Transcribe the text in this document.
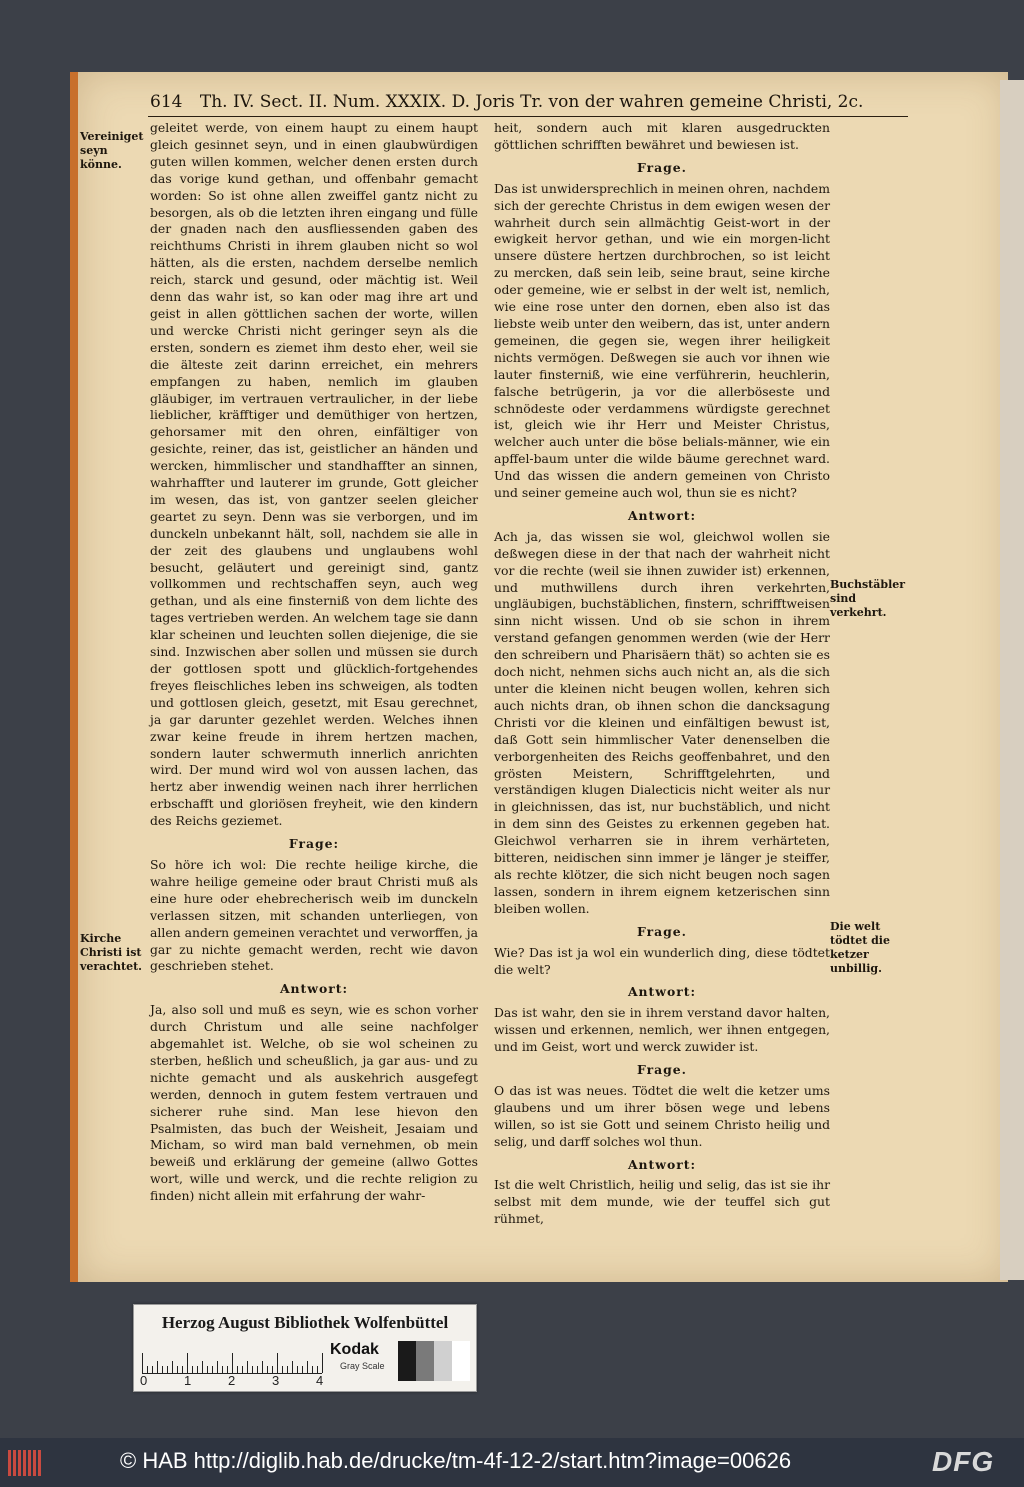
614 Th. IV. Sect. II. Num. XXXIX. D. Joris Tr. von der wahren gemeine Christi, 2c.
Vereiniget seyn könne.
Kirche Christi ist verachtet.
Buchstäbler sind verkehrt.
Die welt tödtet die ketzer unbillig.

geleitet werde, von einem haupt zu einem haupt gleich gesinnet seyn, und in einen glaubwürdigen guten willen kommen, welcher denen ersten durch das vorige kund gethan, und offenbahr gemacht worden: So ist ohne allen zweiffel gantz nicht zu besorgen, als ob die letzten ihren eingang und fülle der gnaden nach den ausfliessenden gaben des reichthums Christi in ihrem glauben nicht so wol hätten, als die ersten, nachdem derselbe nemlich reich, starck und gesund, oder mächtig ist. Weil denn das wahr ist, so kan oder mag ihre art und geist in allen göttlichen sachen der worte, willen und wercke Christi nicht geringer seyn als die ersten, sondern es ziemet ihm desto eher, weil sie die älteste zeit darinn erreichet, ein mehrers empfangen zu haben, nemlich im glauben gläubiger, im vertrauen vertraulicher, in der liebe lieblicher, kräfftiger und demüthiger von hertzen, gehorsamer mit den ohren, einfältiger von gesichte, reiner, das ist, geistlicher an händen und wercken, himmlischer und standhaffter an sinnen, wahrhaffter und lauterer im grunde, Gott gleicher im wesen, das ist, von gantzer seelen gleicher geartet zu seyn. Denn was sie verborgen, und im dunckeln unbekannt hält, soll, nachdem sie alle in der zeit des glaubens und unglaubens wohl besucht, geläutert und gereinigt sind, gantz vollkommen und rechtschaffen seyn, auch weg gethan, und als eine finsterniß von dem lichte des tages vertrieben werden. An welchem tage sie dann klar scheinen und leuchten sollen diejenige, die sie sind. Inzwischen aber sollen und müssen sie durch der gottlosen spott und glücklich-fortgehendes freyes fleischliches leben ins schweigen, als todten und gottlosen gleich, gesetzt, mit Esau gerechnet, ja gar darunter gezehlet werden. Welches ihnen zwar keine freude in ihrem hertzen machen, sondern lauter schwermuth innerlich anrichten wird. Der mund wird wol von aussen lachen, das hertz aber inwendig weinen nach ihrer herrlichen erbschafft und gloriösen freyheit, wie den kindern des Reichs geziemet.

Frage:

So höre ich wol: Die rechte heilige kirche, die wahre heilige gemeine oder braut Christi muß als eine hure oder ehebrecherisch weib im dunckeln verlassen sitzen, mit schanden unterliegen, von allen andern gemeinen verachtet und verworffen, ja gar zu nichte gemacht werden, recht wie davon geschrieben stehet.

Antwort:

Ja, also soll und muß es seyn, wie es schon vorher durch Christum und alle seine nachfolger abgemahlet ist. Welche, ob sie wol scheinen zu sterben, heßlich und scheußlich, ja gar aus- und zu nichte gemacht und als auskehrich ausgefegt werden, dennoch in gutem festem vertrauen und sicherer ruhe sind. Man lese hievon den Psalmisten, das buch der Weisheit, Jesaiam und Micham, so wird man bald vernehmen, ob mein beweiß und erklärung der gemeine (allwo Gottes wort, wille und werck, und die rechte religion zu finden) nicht allein mit erfahrung der wahr-

heit, sondern auch mit klaren ausgedruckten göttlichen schrifften bewähret und bewiesen ist.

Frage.

Das ist unwidersprechlich in meinen ohren, nachdem sich der gerechte Christus in dem ewigen wesen der wahrheit durch sein allmächtig Geist-wort in der ewigkeit hervor gethan, und wie ein morgen-licht unsere düstere hertzen durchbrochen, so ist leicht zu mercken, daß sein leib, seine braut, seine kirche oder gemeine, wie er selbst in der welt ist, nemlich, wie eine rose unter den dornen, eben also ist das liebste weib unter den weibern, das ist, unter andern gemeinen, die gegen sie, wegen ihrer heiligkeit nichts vermögen. Deßwegen sie auch vor ihnen wie lauter finsterniß, wie eine verführerin, heuchlerin, falsche betrügerin, ja vor die allerböseste und schnödeste oder verdammens würdigste gerechnet ist, gleich wie ihr Herr und Meister Christus, welcher auch unter die böse belials-männer, wie ein apffel-baum unter die wilde bäume gerechnet ward. Und das wissen die andern gemeinen von Christo und seiner gemeine auch wol, thun sie es nicht?

Antwort:

Ach ja, das wissen sie wol, gleichwol wollen sie deßwegen diese in der that nach der wahrheit nicht vor die rechte (weil sie ihnen zuwider ist) erkennen, und muthwillens durch ihren verkehrten, ungläubigen, buchstäblichen, finstern, schrifftweisen sinn nicht wissen. Und ob sie schon in ihrem verstand gefangen genommen werden (wie der Herr den schreibern und Pharisäern thät) so achten sie es doch nicht, nehmen sichs auch nicht an, als die sich unter die kleinen nicht beugen wollen, kehren sich auch nichts dran, ob ihnen schon die dancksagung Christi vor die kleinen und einfältigen bewust ist, daß Gott sein himmlischer Vater denenselben die verborgenheiten des Reichs geoffenbahret, und den grösten Meistern, Schrifftgelehrten, und verständigen klugen Dialecticis nicht weiter als nur in gleichnissen, das ist, nur buchstäblich, und nicht in dem sinn des Geistes zu erkennen gegeben hat. Gleichwol verharren sie in ihrem verhärteten, bitteren, neidischen sinn immer je länger je steiffer, als rechte klötzer, die sich nicht beugen noch sagen lassen, sondern in ihrem eignem ketzerischen sinn bleiben wollen.

Frage.

Wie? Das ist ja wol ein wunderlich ding, diese tödtet die welt?

Antwort:

Das ist wahr, den sie in ihrem verstand davor halten, wissen und erkennen, nemlich, wer ihnen entgegen, und im Geist, wort und werck zuwider ist.

Frage.

O das ist was neues. Tödtet die welt die ketzer ums glaubens und um ihrer bösen wege und lebens willen, so ist sie Gott und seinem Christo heilig und selig, und darff solches wol thun.

Antwort:

Ist die welt Christlich, heilig und selig, das ist sie ihr selbst mit dem munde, wie der teuffel sich gut rühmet,

Herzog August Bibliothek Wolfenbüttel
0	1	2	3	4
Kodak
Gray Scale
© HAB http://diglib.hab.de/drucke/tm-4f-12-2/start.htm?image=00626	DFG
